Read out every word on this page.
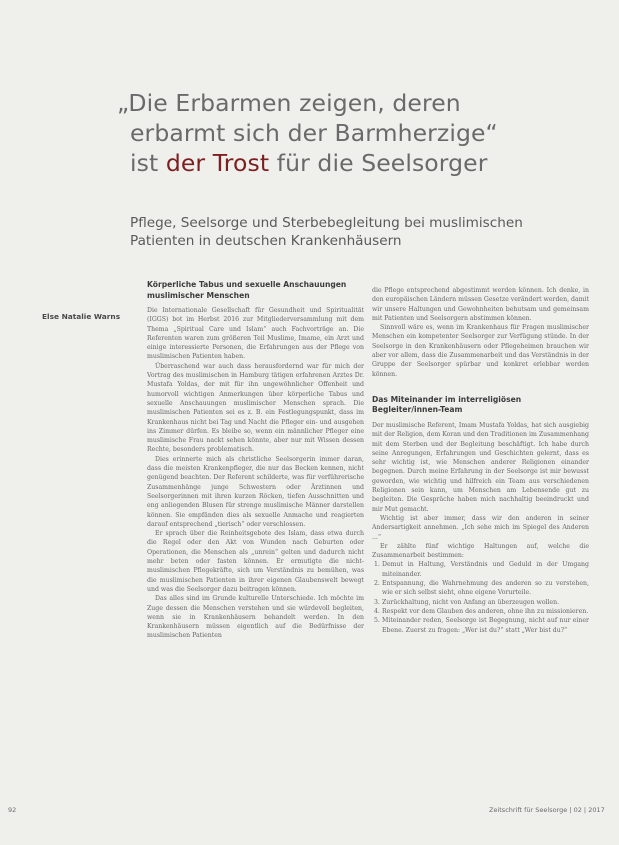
„Die Erbarmen zeigen, deren
erbarmt sich der Barmherzige“
ist der Trost für die Seelsorger
Pflege, Seelsorge und Sterbebegleitung bei muslimischen
Patienten in deutschen Krankenhäusern
Else Natalie Warns
Körperliche Tabus und sexuelle Anschauungen muslimischer Menschen

Die Internationale Gesellschaft für Gesundheit und Spiritualität (IGGS) bot im Herbst 2016 zur Mitgliederversammlung mit dem Thema „Spiritual Care und Islam“ auch Fachvorträge an. Die Referenten waren zum größeren Teil Muslime, Imame, ein Arzt und einige interessierte Personen, die Erfahrungen aus der Pflege von muslimischen Patienten haben.

Überraschend war auch dass herausfordernd war für mich der Vortrag des muslimischen in Hamburg tätigen erfahrenen Arztes Dr. Mustafa Yoldas, der mit für ihn ungewöhnlicher Offenheit und humorvoll wichtigen Anmerkungen über körperliche Tabus und sexuelle Anschauungen muslimischer Menschen sprach. Die muslimischen Patienten sei es z. B. ein Festlegungspunkt, dass im Krankenhaus nicht bei Tag und Nacht die Pfleger ein- und ausgehen ins Zimmer dürfen. Es bleibe so, wenn ein männlicher Pfleger eine muslimische Frau nackt sehen könnte, aber nur mit Wissen dessen Rechte, besonders problematisch.

Dies erinnerte mich als christliche Seelsorgerin immer daran, dass die meisten Krankenpfleger, die nur das Becken kennen, nicht genügend beachten. Der Referent schilderte, was für verführerische Zusammenhänge junge Schwestern oder Ärztinnen und Seelsorgerinnen mit ihren kurzen Röcken, tiefen Ausschnitten und eng anliegenden Blusen für strenge muslimische Männer darstellen können. Sie empfänden dies als sexuelle Anmache und reagierten darauf entsprechend „tierisch“ oder verschlossen.

Er sprach über die Reinheitsgebote des Islam, dass etwa durch die Regel oder den Akt von Wunden nach Geburten oder Operationen, die Menschen als „unrein“ gelten und dadurch nicht mehr beten oder fasten können. Er ermutigte die nicht-muslimischen Pflegekräfte, sich um Verständnis zu bemühen, was die muslimischen Patienten in ihrer eigenen Glaubenswelt bewegt und was die Seelsorger dazu beitragen können.

Das alles sind im Grunde kulturelle Unterschiede. Ich möchte im Zuge dessen die Menschen verstehen und sie würdevoll begleiten, wenn sie in Krankenhäusern behandelt werden. In den Krankenhäusern müssen eigentlich auf die Bedürfnisse der muslimischen Patienten

die Pflege entsprechend abgestimmt werden können. Ich denke, in den europäischen Ländern müssen Gesetze verändert werden, damit wir unsere Haltungen und Gewohnheiten behutsam und gemeinsam mit Patienten und Seelsorgern abstimmen können.

Sinnvoll wäre es, wenn im Krankenhaus für Fragen muslimischer Menschen ein kompetenter Seelsorger zur Verfügung stünde. In der Seelsorge in den Krankenhäusern oder Pflegeheimen brauchen wir aber vor allem, dass die Zusammenarbeit und das Verständnis in der Gruppe der Seelsorger spürbar und konkret erlebbar werden können.

Das Miteinander im interreligiösen Begleiter/innen-Team

Der muslimische Referent, Imam Mustafa Yoldas, hat sich ausgiebig mit der Religion, dem Koran und den Traditionen im Zusammenhang mit dem Sterben und der Begleitung beschäftigt. Ich habe durch seine Anregungen, Erfahrungen und Geschichten gelernt, dass es sehr wichtig ist, wie Menschen anderer Religionen einander begegnen. Durch meine Erfahrung in der Seelsorge ist mir bewusst geworden, wie wichtig und hilfreich ein Team aus verschiedenen Religionen sein kann, um Menschen am Lebensende gut zu begleiten. Die Gespräche haben mich nachhaltig beeindruckt und mir Mut gemacht.

Wichtig ist aber immer, dass wir den anderen in seiner Andersartigkeit annehmen. „Ich sehe mich im Spiegel des Anderen ...“

Er zählte fünf wichtige Haltungen auf, welche die Zusammenarbeit bestimmen:

1. Demut in Haltung, Verständnis und Geduld in der Umgang miteinander.
2. Entspannung, die Wahrnehmung des anderen so zu verstehen, wie er sich selbst sieht, ohne eigene Vorurteile.
3. Zurückhaltung, nicht von Anfang an überzeugen wollen.
4. Respekt vor dem Glauben des anderen, ohne ihn zu missionieren.
5. Miteinander reden, Seelsorge ist Begegnung, nicht auf nur einer Ebene. Zuerst zu fragen: „Wer ist du?“ statt „Wer bist du?“
92	Zeitschrift für Seelsorge | 02 | 2017
